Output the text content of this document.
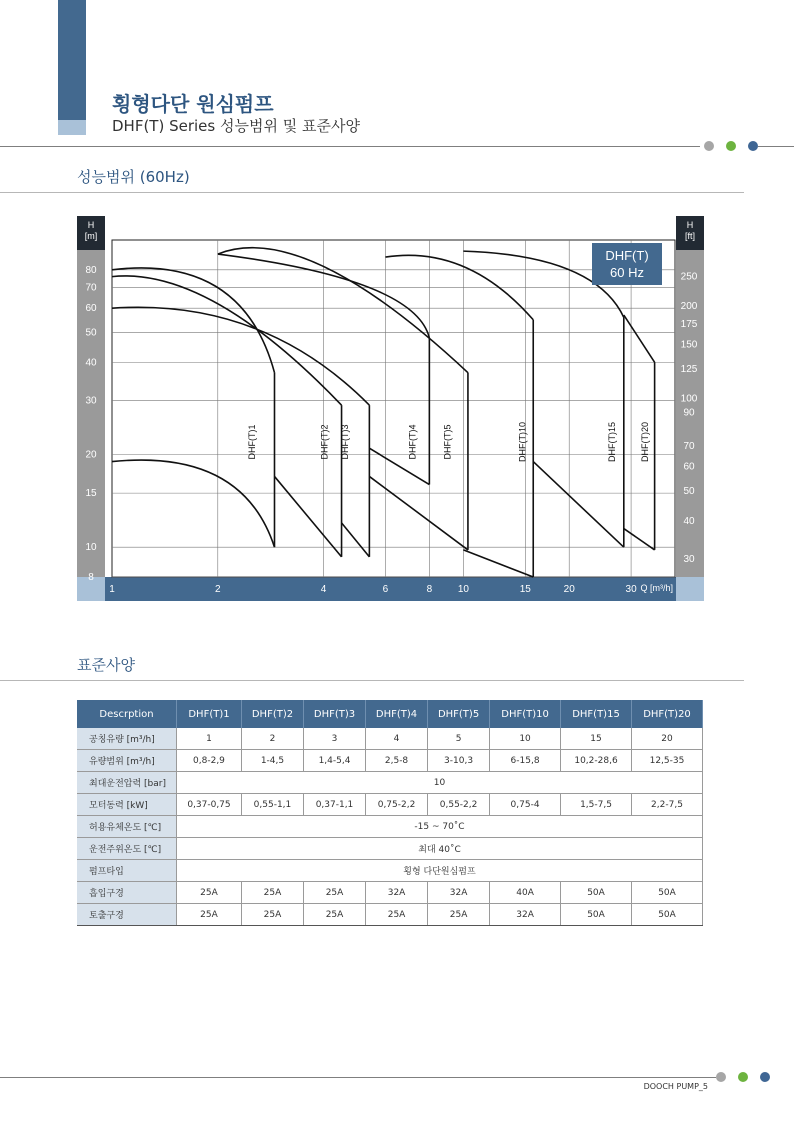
횡형다단 원심펌프
DHF(T) Series 성능범위 및 표준사양
성능범위 (60Hz)
H
[m]
H
[ft]
80
70
60
50
40
30
20
15
10
8
250
200
175
150
125
100
90
70
60
50
40
30
1	2	4	6	8	10	15	20	30 Q [m³/h]
DHF(T)1	DHF(T)2 DHF(T)3	DHF(T)4	DHF(T)5	DHF(T)10	DHF(T)15	DHF(T)20
DHF(T)
60 Hz
표준사양
Descrption	DHF(T)1	DHF(T)2	DHF(T)3	DHF(T)4	DHF(T)5	DHF(T)10	DHF(T)15	DHF(T)20
공칭유량 [m³/h]	1	2	3	4	5	10	15	20
유량범위 [m³/h]	0,8-2,9	1-4,5	1,4-5,4	2,5-8	3-10,3	6-15,8	10,2-28,6	12,5-35
최대운전압력 [bar]	10							
모터동력 [kW]	0,37-0,75	0,55-1,1	0,37-1,1	0,75-2,2	0,55-2,2	0,75-4	1,5-7,5	2,2-7,5
허용유체온도 [℃]	-15 ~ 70˚C							
운전주위온도 [℃]	최대 40˚C							
펌프타입	횡형 다단원심펌프							
흡입구경	25A	25A	25A	32A	32A	40A	50A	50A
토출구경	25A	25A	25A	25A	25A	32A	50A	50A
DOOCH PUMP_5
